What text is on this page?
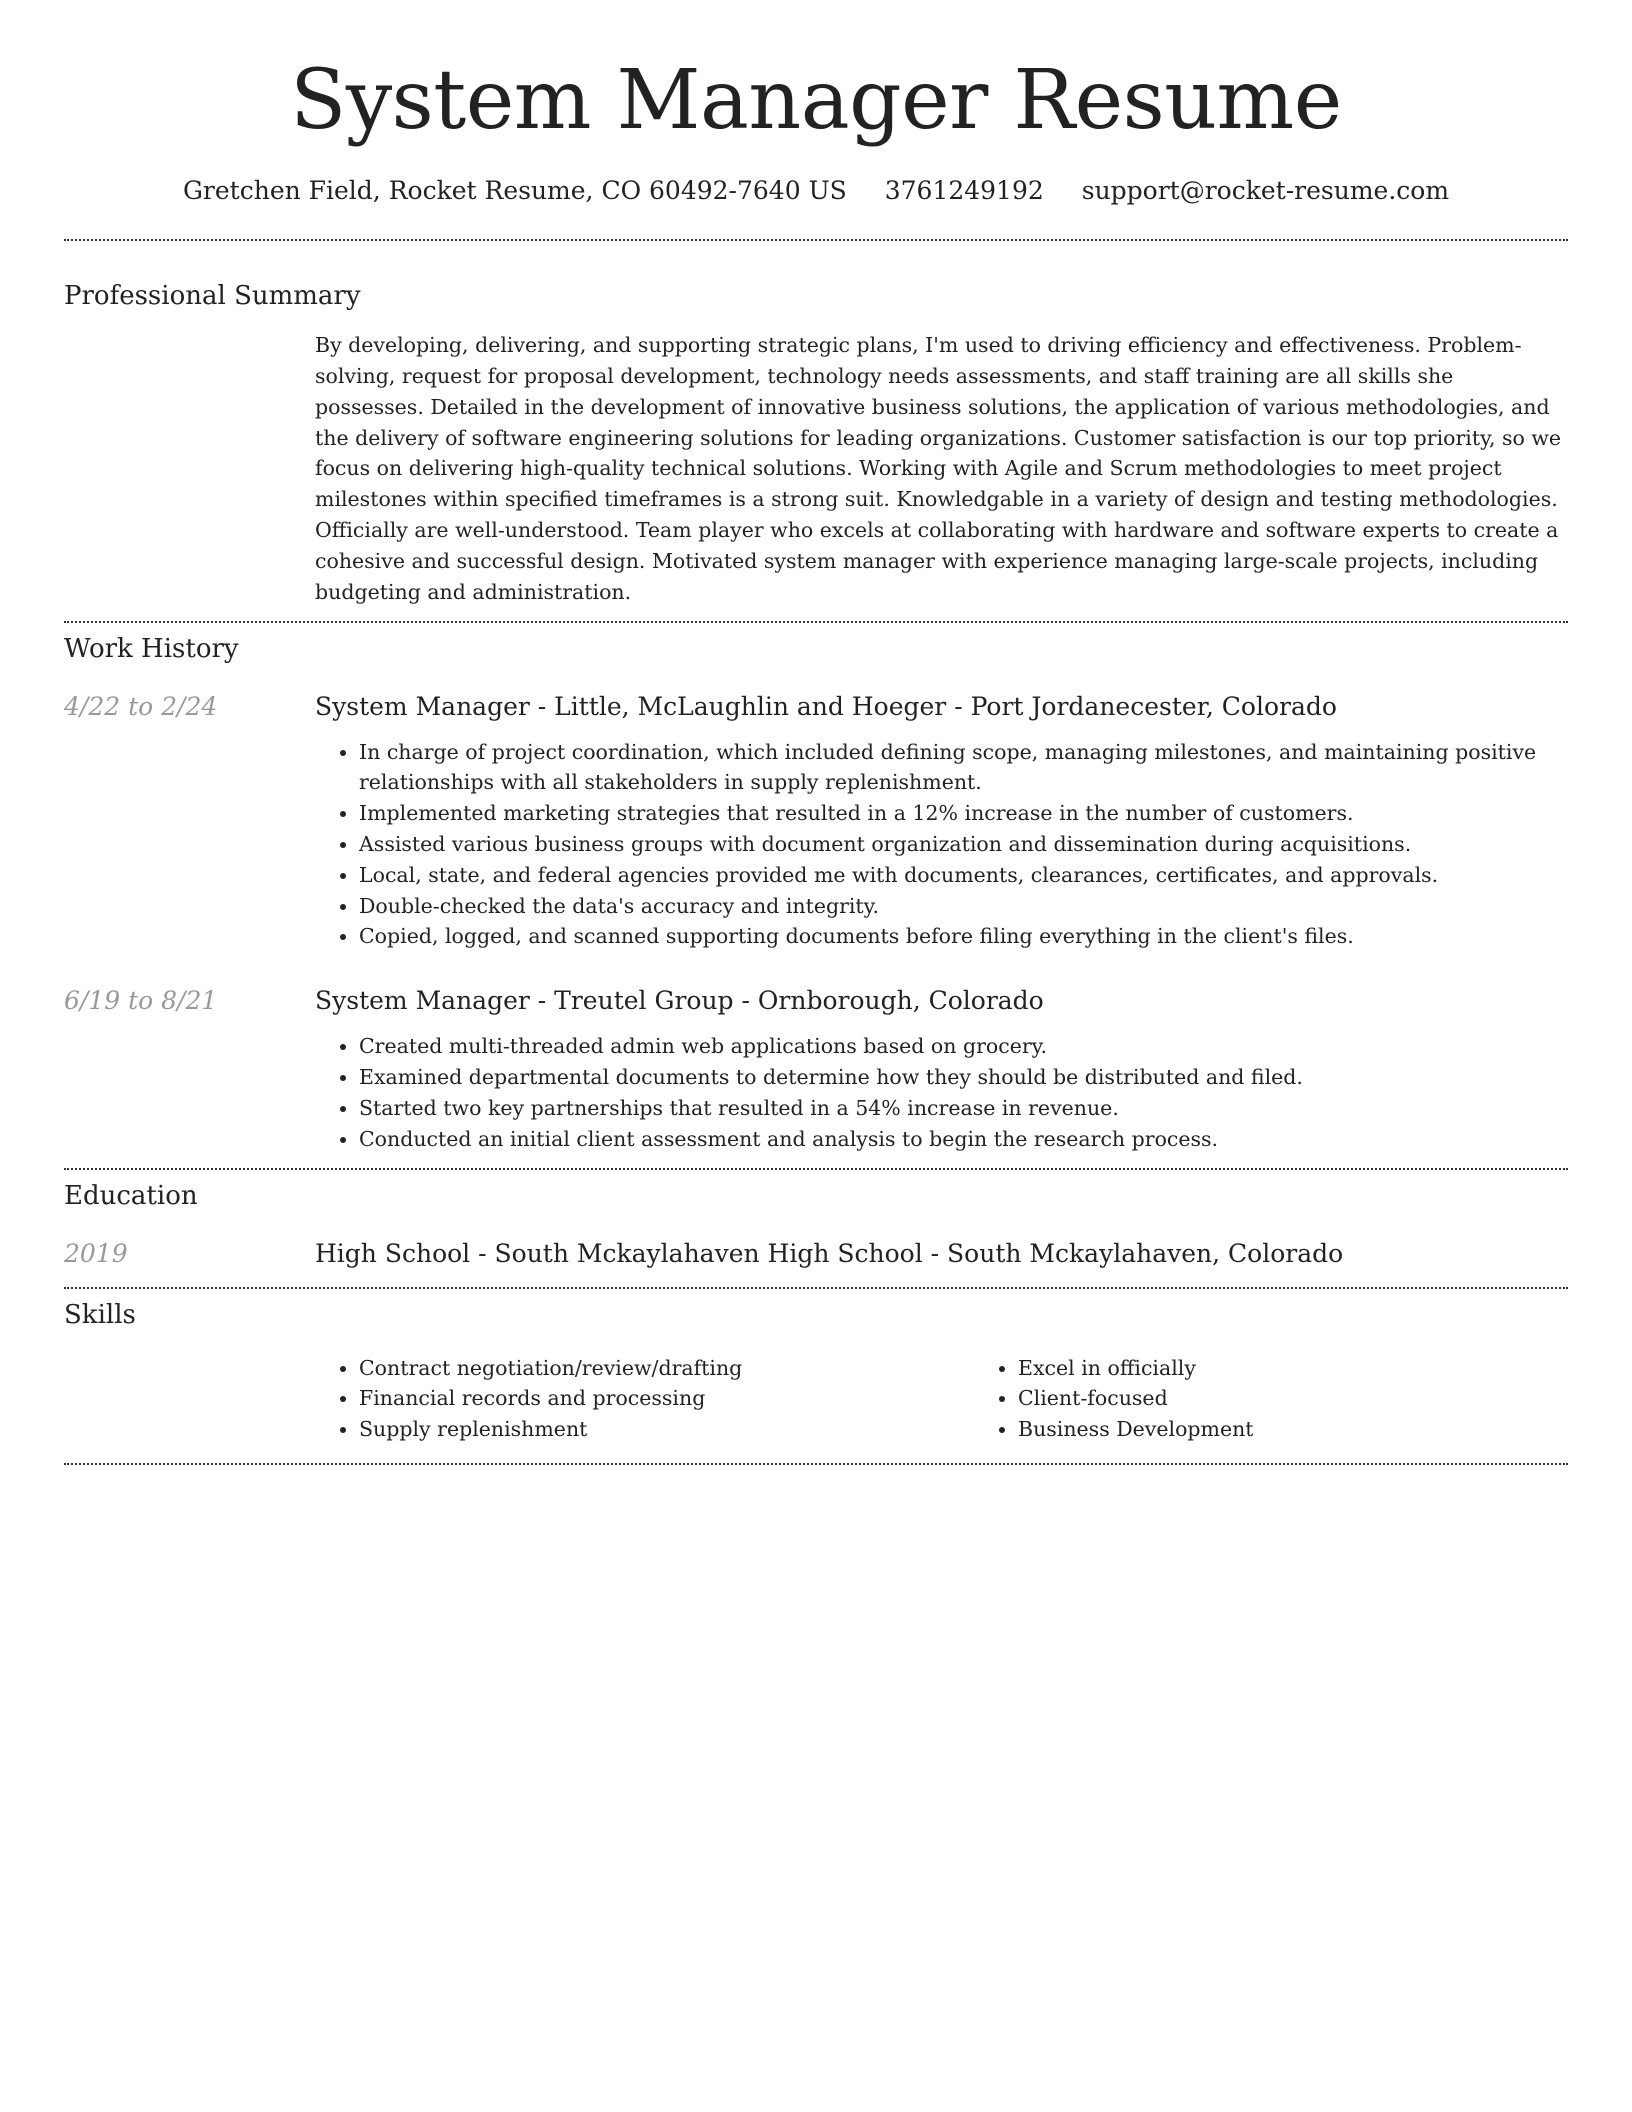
System Manager Resume
Gretchen Field, Rocket Resume, CO 60492-7640 US 3761249192 support@rocket-resume.com
Professional Summary

By developing, delivering, and supporting strategic plans, I'm used to driving efficiency and effectiveness. Problem-solving, request for proposal development, technology needs assessments, and staff training are all skills she possesses. Detailed in the development of innovative business solutions, the application of various methodologies, and the delivery of software engineering solutions for leading organizations. Customer satisfaction is our top priority, so we focus on delivering high-quality technical solutions. Working with Agile and Scrum methodologies to meet project milestones within specified timeframes is a strong suit. Knowledgable in a variety of design and testing methodologies. Officially are well-understood. Team player who excels at collaborating with hardware and software experts to create a cohesive and successful design. Motivated system manager with experience managing large-scale projects, including budgeting and administration.

Work History
4/22 to 2/24	System Manager - Little, McLaughlin and Hoeger - Port Jordanecester, Colorado
• In charge of project coordination, which included defining scope, managing milestones, and maintaining positive relationships with all stakeholders in supply replenishment.
• Implemented marketing strategies that resulted in a 12% increase in the number of customers.
• Assisted various business groups with document organization and dissemination during acquisitions.
• Local, state, and federal agencies provided me with documents, clearances, certificates, and approvals.
• Double-checked the data's accuracy and integrity.
• Copied, logged, and scanned supporting documents before filing everything in the client's files.
6/19 to 8/21	System Manager - Treutel Group - Ornborough, Colorado
• Created multi-threaded admin web applications based on grocery.
• Examined departmental documents to determine how they should be distributed and filed.
• Started two key partnerships that resulted in a 54% increase in revenue.
• Conducted an initial client assessment and analysis to begin the research process.
Education
2019	High School - South Mckaylahaven High School - South Mckaylahaven, Colorado
Skills
• Contract negotiation/review/drafting
• Financial records and processing
• Supply replenishment
• Excel in officially
• Client-focused
• Business Development
